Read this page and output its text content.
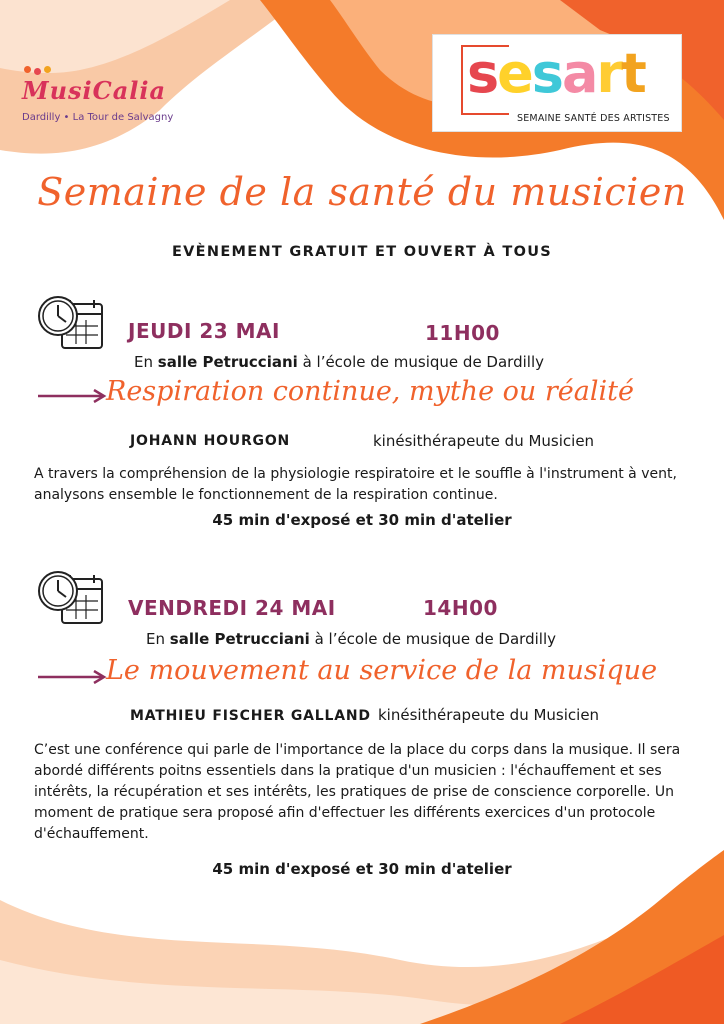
MusiCalia
Dardilly • La Tour de Salvagny
sesart
SEMAINE SANTÉ DES ARTISTES
Semaine de la santé du musicien
EVÈNEMENT GRATUIT ET OUVERT À TOUS
JEUDI 23 MAI	11H00
En salle Petrucciani à l’école de musique de Dardilly
Respiration continue, mythe ou réalité
JOHANN HOURGON	kinésithérapeute du Musicien
A travers la compréhension de la physiologie respiratoire et le souffle à l'instrument à vent, analysons ensemble le fonctionnement de la respiration continue.
45 min d'exposé et 30 min d'atelier
VENDREDI 24 MAI	14H00
En salle Petrucciani à l’école de musique de Dardilly
Le mouvement au service de la musique
MATHIEU FISCHER GALLAND kinésithérapeute du Musicien
C’est une conférence qui parle de l'importance de la place du corps dans la musique. Il sera abordé différents poitns essentiels dans la pratique d'un musicien : l'échauffement et ses intérêts, la récupération et ses intérêts, les pratiques de prise de conscience corporelle. Un moment de pratique sera proposé afin d'effectuer les différents exercices d'un protocole d'échauffement.
45 min d'exposé et 30 min d'atelier
